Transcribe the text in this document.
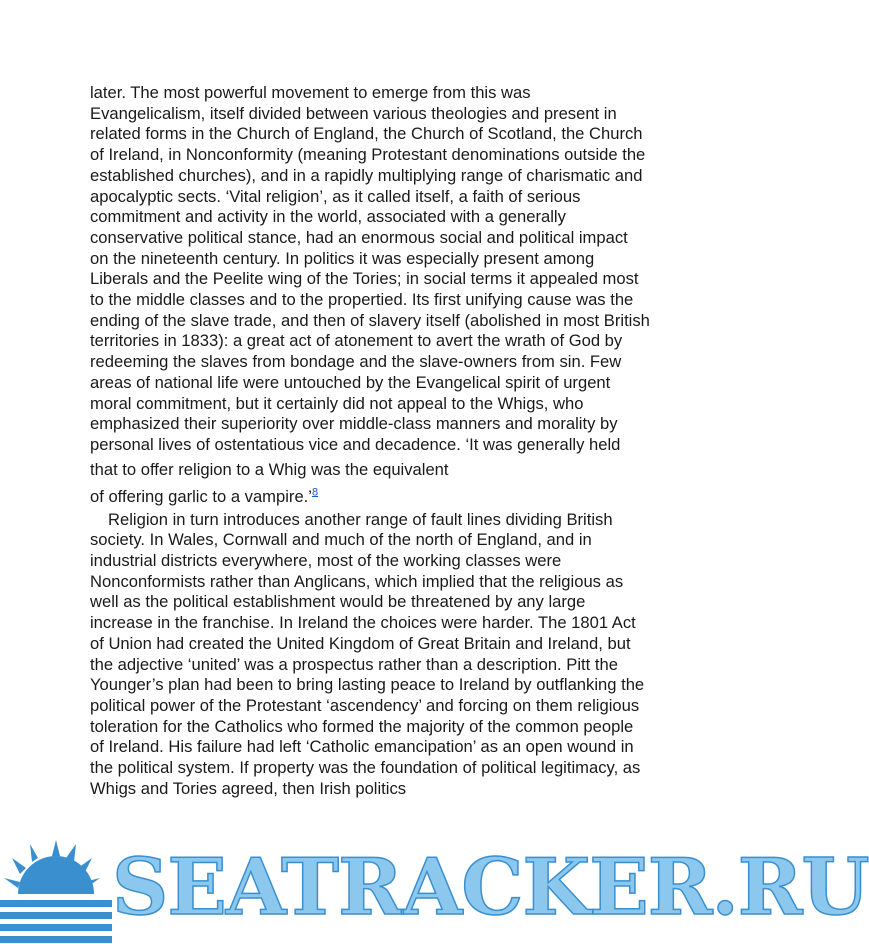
later. The most powerful movement to emerge from this was Evangelicalism, itself divided between various theologies and present in related forms in the Church of England, the Church of Scotland, the Church of Ireland, in Nonconformity (meaning Protestant denominations outside the established churches), and in a rapidly multiplying range of charismatic and apocalyptic sects. ‘Vital religion’, as it called itself, a faith of serious commitment and activity in the world, associated with a generally conservative political stance, had an enormous social and political impact on the nineteenth century. In politics it was especially present among Liberals and the Peelite wing of the Tories; in social terms it appealed most to the middle classes and to the propertied. Its first unifying cause was the ending of the slave trade, and then of slavery itself (abolished in most British territories in 1833): a great act of atonement to avert the wrath of God by redeeming the slaves from bondage and the slave-owners from sin. Few areas of national life were untouched by the Evangelical spirit of urgent moral commitment, but it certainly did not appeal to the Whigs, who emphasized their superiority over middle-class manners and morality by personal lives of ostentatious vice and decadence. ‘It was generally held that to offer religion to a Whig was the equivalent
of offering garlic to a vampire.’$^8$

Religion in turn introduces another range of fault lines dividing British society. In Wales, Cornwall and much of the north of England, and in industrial districts everywhere, most of the working classes were Nonconformists rather than Anglicans, which implied that the religious as well as the political establishment would be threatened by any large increase in the franchise. In Ireland the choices were harder. The 1801 Act of Union had created the United Kingdom of Great Britain and Ireland, but the adjective ‘united’ was a prospectus rather than a description. Pitt the Younger’s plan had been to bring lasting peace to Ireland by outflanking the political power of the Protestant ‘ascendency’ and forcing on them religious toleration for the Catholics who formed the majority of the common people of Ireland. His failure had left ‘Catholic emancipation’ as an open wound in the political system. If property was the foundation of political legitimacy, as Whigs and Tories agreed, then Irish politics

SEATRACKER.RU
